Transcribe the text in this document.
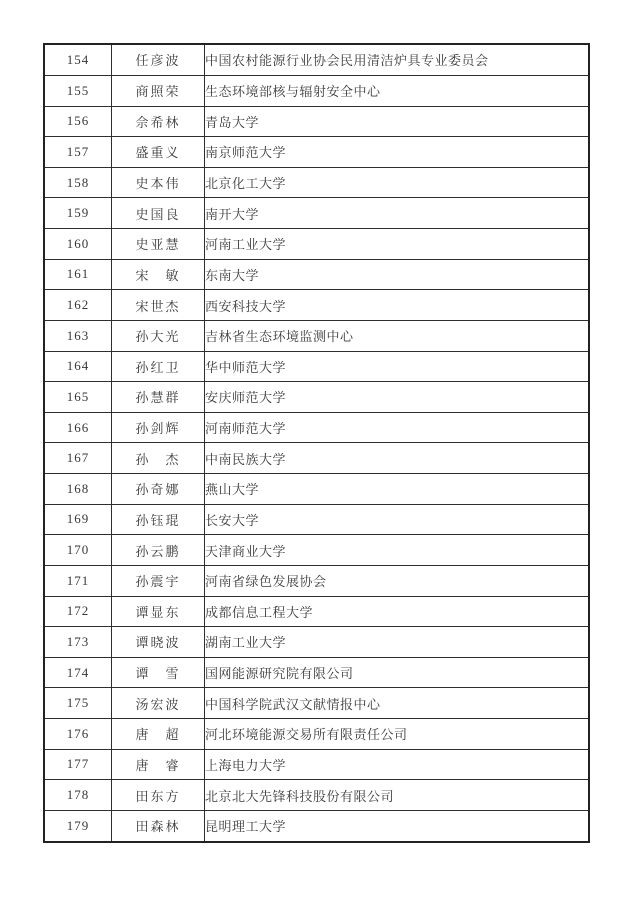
154	任彦波	中国农村能源行业协会民用清洁炉具专业委员会
155	商照荣	生态环境部核与辐射安全中心
156	佘希林	青岛大学
157	盛重义	南京师范大学
158	史本伟	北京化工大学
159	史国良	南开大学
160	史亚慧	河南工业大学
161	宋　敏	东南大学
162	宋世杰	西安科技大学
163	孙大光	吉林省生态环境监测中心
164	孙红卫	华中师范大学
165	孙慧群	安庆师范大学
166	孙剑辉	河南师范大学
167	孙　杰	中南民族大学
168	孙奇娜	燕山大学
169	孙钰琨	长安大学
170	孙云鹏	天津商业大学
171	孙震宇	河南省绿色发展协会
172	谭显东	成都信息工程大学
173	谭晓波	湖南工业大学
174	谭　雪	国网能源研究院有限公司
175	汤宏波	中国科学院武汉文献情报中心
176	唐　超	河北环境能源交易所有限责任公司
177	唐　睿	上海电力大学
178	田东方	北京北大先锋科技股份有限公司
179	田森林	昆明理工大学
